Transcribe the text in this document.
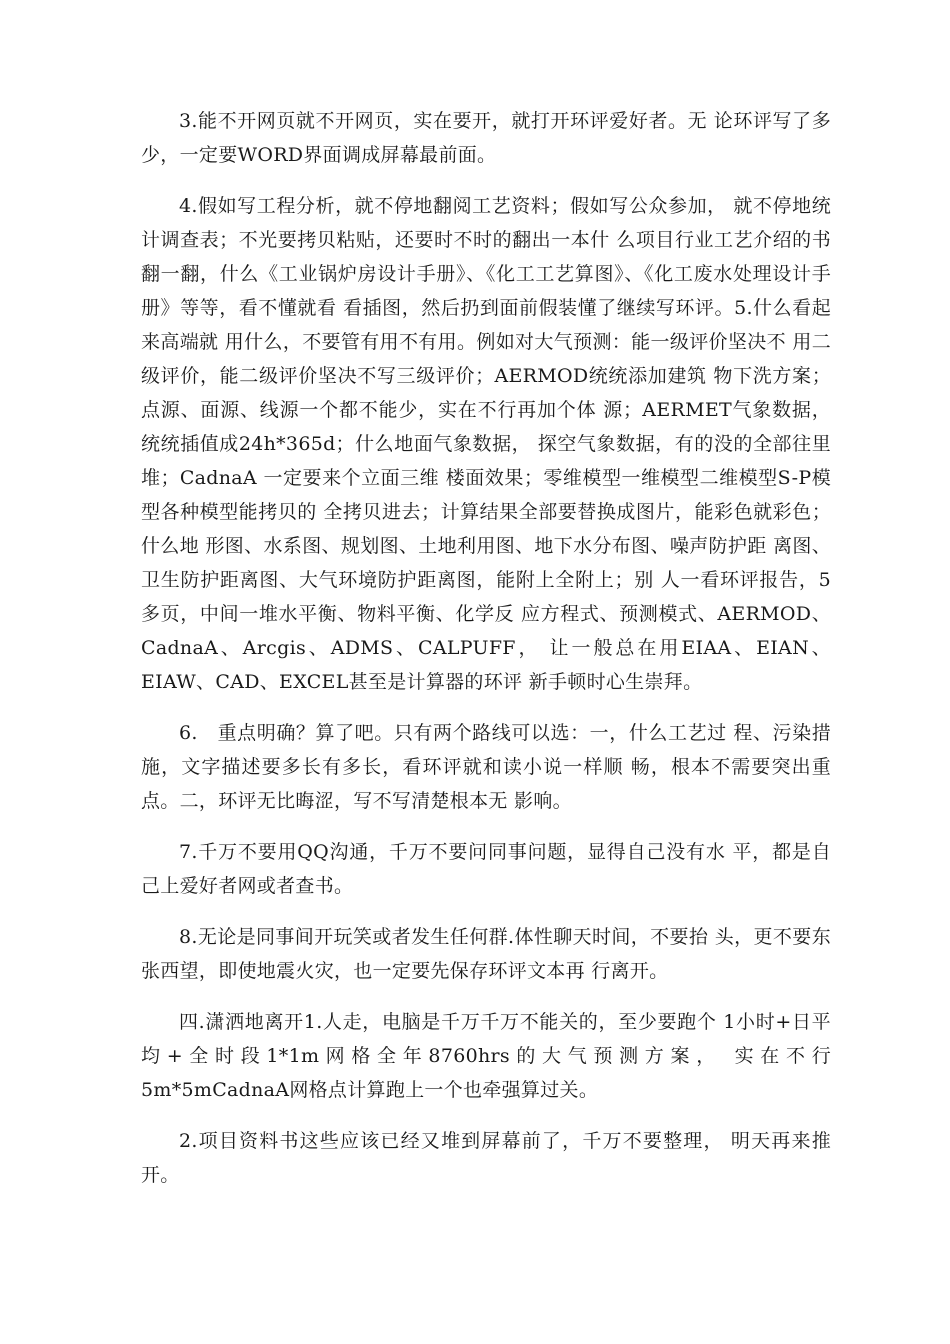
3.能不开网页就不开网页，实在要开，就打开环评爱好者。无 论环评写了多少，一定要WORD界面调成屏幕最前面。

4.假如写工程分析，就不停地翻阅工艺资料；假如写公众参加， 就不停地统计调查表；不光要拷贝粘贴，还要时不时的翻出一本什 么项目行业工艺介绍的书翻一翻，什么《工业锅炉房设计手册》、《化工工艺算图》、《化工废水处理设计手册》等等，看不懂就看 看插图，然后扔到面前假装懂了继续写环评。5.什么看起来高端就 用什么，不要管有用不有用。例如对大气预测：能一级评价坚决不 用二级评价，能二级评价坚决不写三级评价；AERMOD统统添加建筑 物下洗方案；点源、面源、线源一个都不能少，实在不行再加个体 源；AERMET气象数据，统统插值成24h*365d；什么地面气象数据， 探空气象数据，有的没的全部往里堆；CadnaA 一定要来个立面三维 楼面效果；零维模型一维模型二维模型S-P模型各种模型能拷贝的 全拷贝进去；计算结果全部要替换成图片，能彩色就彩色；什么地 形图、水系图、规划图、土地利用图、地下水分布图、噪声防护距 离图、卫生防护距离图、大气环境防护距离图，能附上全附上；别 人一看环评报告，5多页，中间一堆水平衡、物料平衡、化学反 应方程式、预测模式、AERMOD、CadnaA、Arcgis、ADMS、CALPUFF， 让一般总在用EIAA、EIAN、EIAW、CAD、EXCEL甚至是计算器的环评 新手顿时心生崇拜。

6.　重点明确？算了吧。只有两个路线可以选：一，什么工艺过 程、污染措施，文字描述要多长有多长，看环评就和读小说一样顺 畅，根本不需要突出重点。二，环评无比晦涩，写不写清楚根本无 影响。

7.千万不要用QQ沟通，千万不要问同事问题，显得自己没有水 平，都是自己上爱好者网或者查书。

8.无论是同事间开玩笑或者发生任何群.体性聊天时间，不要抬 头，更不要东张西望，即使地震火灾，也一定要先保存环评文本再 行离开。

四.潇洒地离开1.人走，电脑是千万千万不能关的，至少要跑个 1小时+日平均+全时段1*1m网格全年8760hrs的大气预测方案， 实在不行5m*5mCadnaA网格点计算跑上一个也牵强算过关。

2.项目资料书这些应该已经又堆到屏幕前了，千万不要整理， 明天再来推开。
